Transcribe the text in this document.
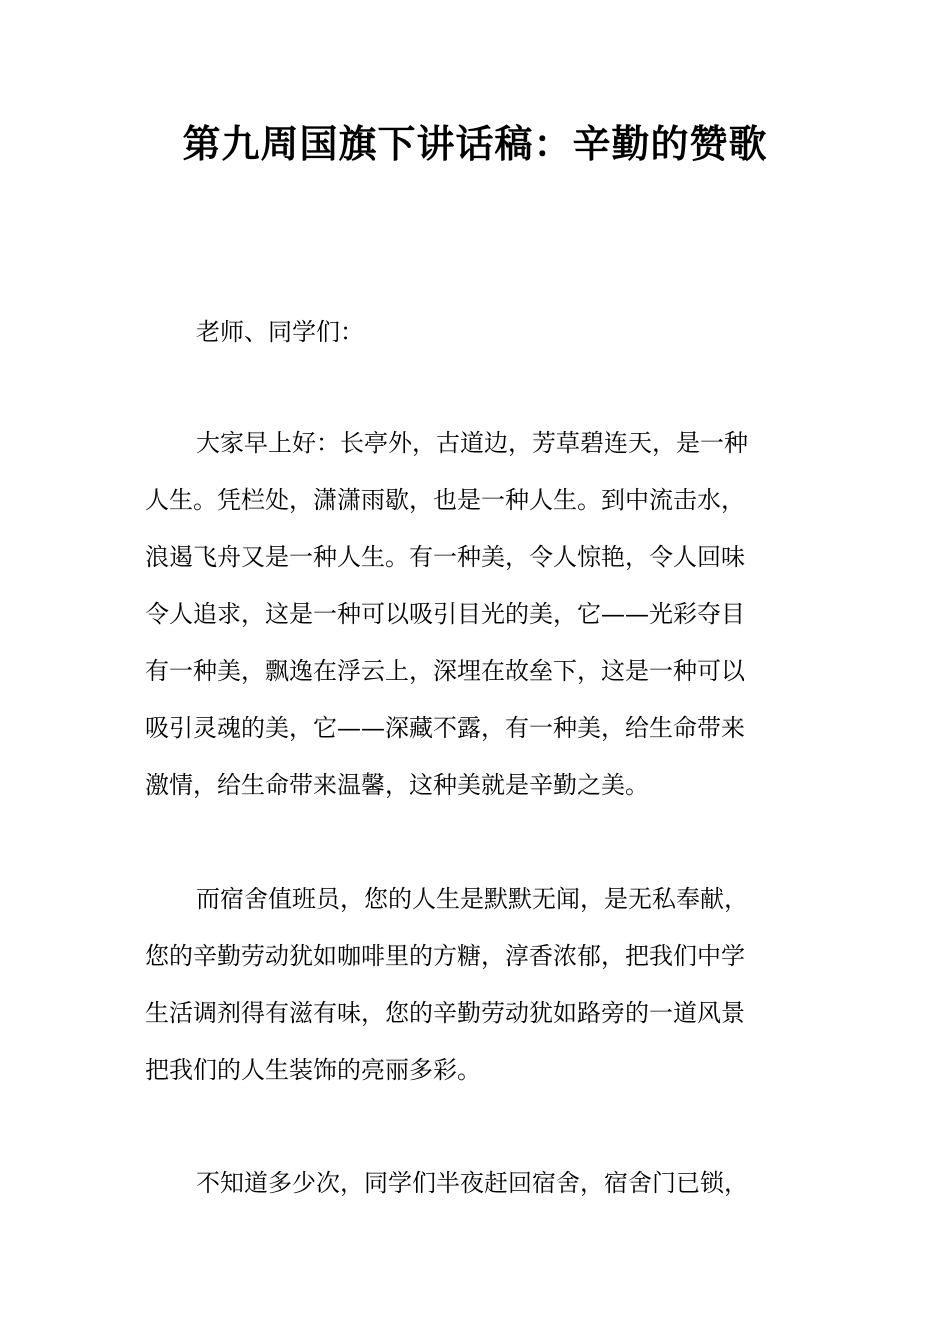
第九周国旗下讲话稿：辛勤的赞歌

老师、同学们：

大家早上好：长亭外，古道边，芳草碧连天，是一种
人生。凭栏处，潇潇雨歇，也是一种人生。到中流击水，
浪遏飞舟又是一种人生。有一种美，令人惊艳，令人回味
令人追求，这是一种可以吸引目光的美，它——光彩夺目
有一种美，飘逸在浮云上，深埋在故垒下，这是一种可以
吸引灵魂的美，它——深藏不露，有一种美，给生命带来
激情，给生命带来温馨，这种美就是辛勤之美。
而宿舍值班员，您的人生是默默无闻，是无私奉献，
您的辛勤劳动犹如咖啡里的方糖，淳香浓郁，把我们中学
生活调剂得有滋有味，您的辛勤劳动犹如路旁的一道风景
把我们的人生装饰的亮丽多彩。
不知道多少次，同学们半夜赶回宿舍，宿舍门已锁，
